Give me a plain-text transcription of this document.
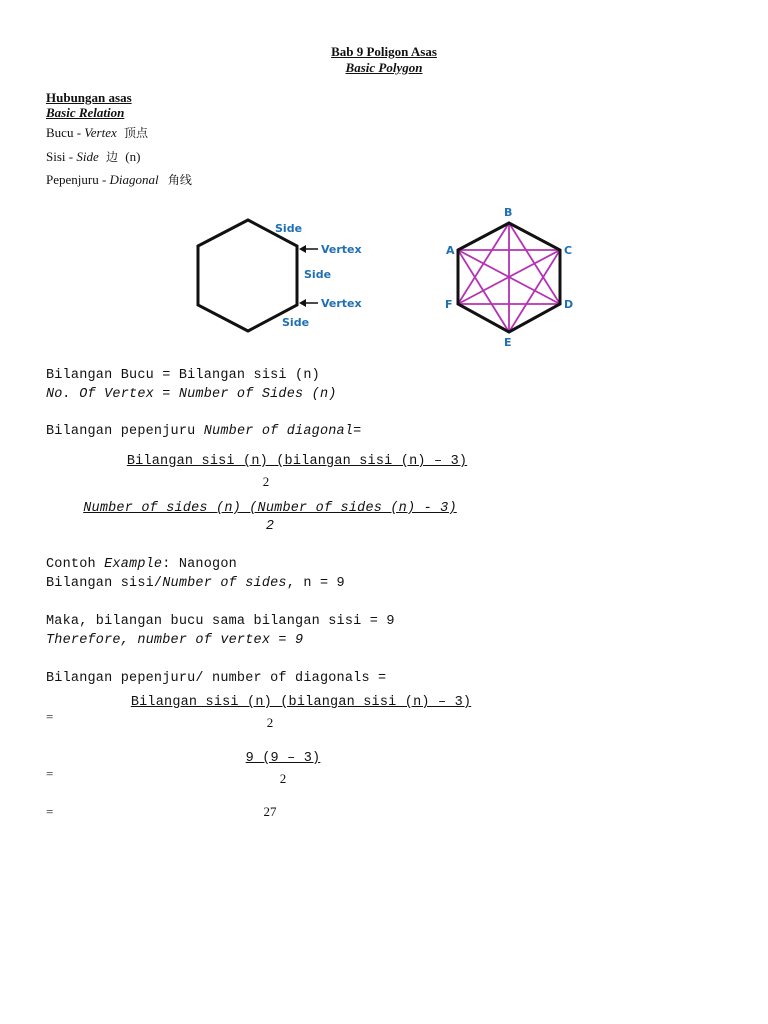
Bab 9 Poligon Asas
Basic Polygon
Hubungan asas
Basic Relation
Bucu - Vertex 顶点
Sisi - Side 边 (n)
Pepenjuru - Diagonal 角线
Side
Vertex
Side
Vertex
Side
A
B
C
D
E
F
Bilangan Bucu = Bilangan sisi (n)
No. Of Vertex = Number of Sides (n)
Bilangan pepenjuru Number of diagonal=
Bilangan sisi (n) (bilangan sisi (n) – 3)
2
Number of sides (n) (Number of sides (n) - 3)
2
Contoh Example: Nanogon
Bilangan sisi/Number of sides, n = 9
Maka, bilangan bucu sama bilangan sisi = 9
Therefore, number of vertex = 9
Bilangan pepenjuru/ number of diagonals =
=
Bilangan sisi (n) (bilangan sisi (n) – 3)
2
=
9 (9 – 3)
2
=	27
